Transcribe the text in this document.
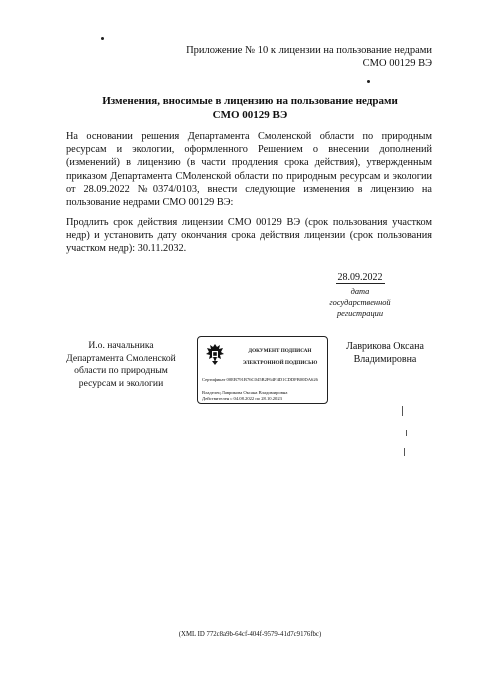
Приложение № 10 к лицензии на пользование недрами
СМО 00129 ВЭ
Изменения, вносимые в лицензию на пользование недрами
СМО 00129 ВЭ
На основании решения Департамента Смоленской области по природным ресурсам и экологии, оформленного Решением о внесении дополнений (изменений) в лицензию (в части продления срока действия), утвержденным приказом Департамента СМоленской области по природным ресурсам и экологии от 28.09.2022 №0374/0103, внести следующие изменения в лицензию на пользование недрами СМО 00129 ВЭ:
Продлить срок действия лицензии СМО 00129 ВЭ (срок пользования участком недр) и установить дату окончания срока действия лицензии (срок пользования участком недр): 30.11.2032.
28.09.2022
дата государственной
регистрации
И.о. начальника
Департамента Смоленской
области по природным
ресурсам и экологии
ДОКУМЕНТ ПОДПИСАН
ЭЛЕКТРОННОЙ ПОДПИСЬЮ
Сертификат 00EB791B76C045B2F64F4D1CDDFB00DA626
Владелец Лаврикова Оксана Владимировна
Действителен с 04.08.2022 по 28.10.2023
Лаврикова Оксана
Владимировна
(XML ID 772c8a9b-64cf-404f-9579-41d7c9176fbc)
